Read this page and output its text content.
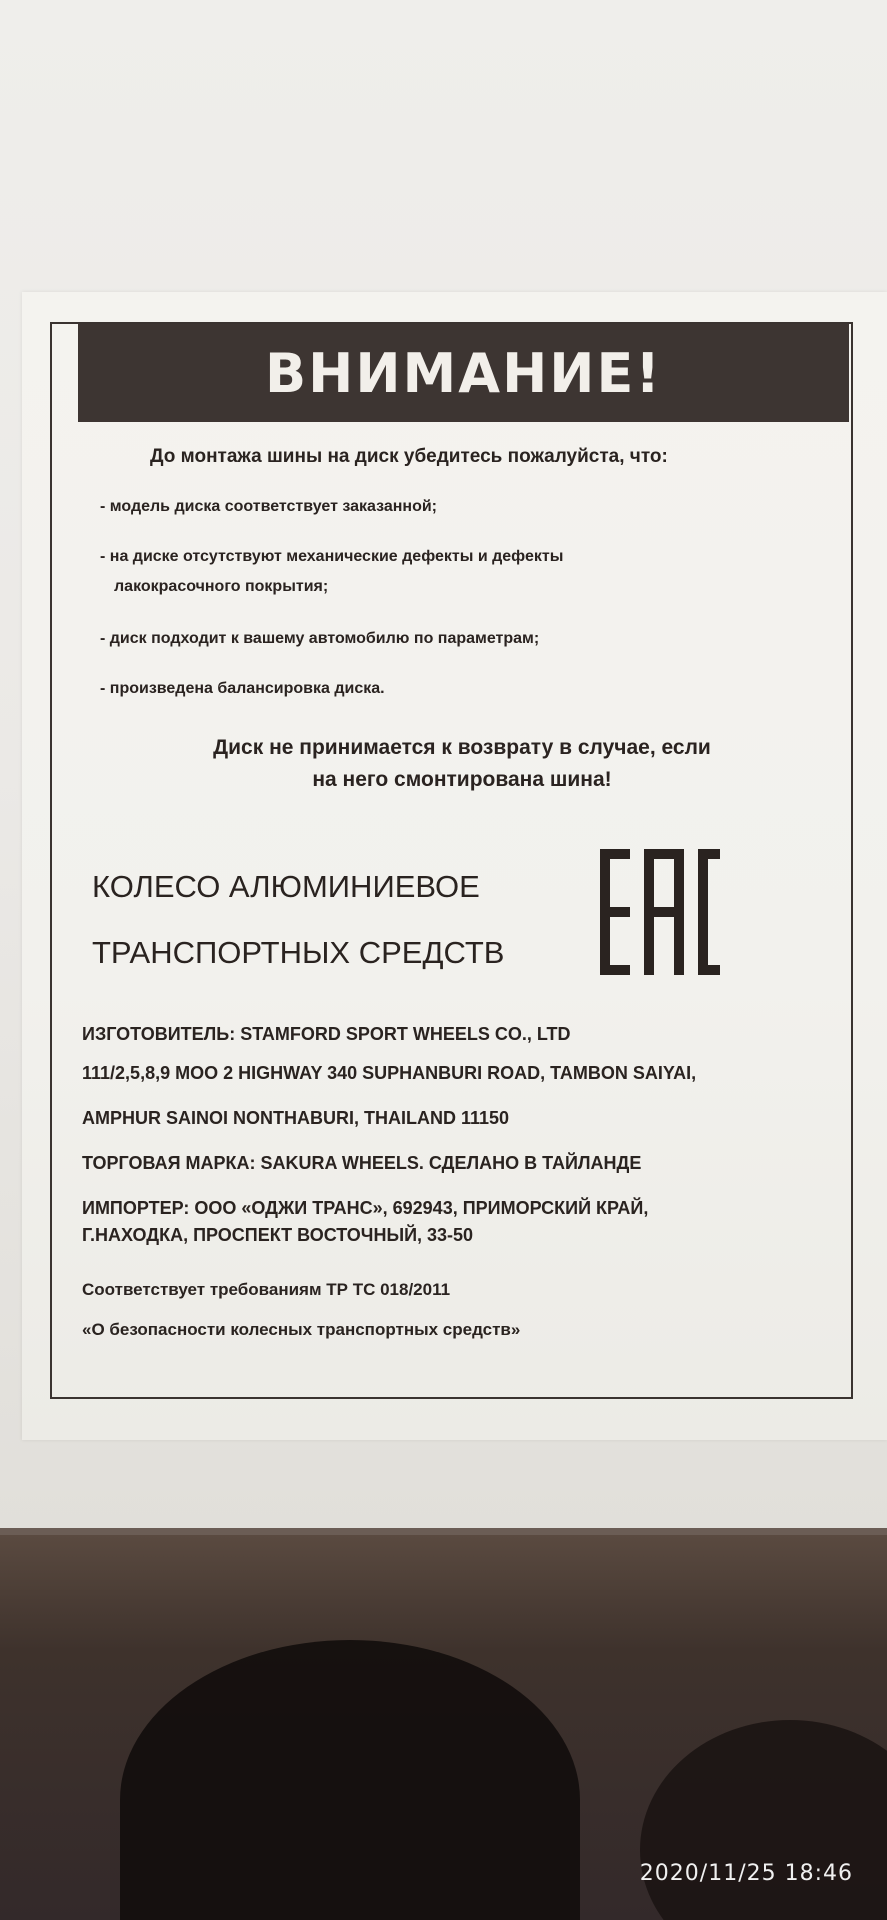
ВНИМАНИЕ!
До монтажа шины на диск убедитесь пожалуйста, что:
- модель диска соответствует заказанной;
- на диске отсутствуют механические дефекты и дефекты
лакокрасочного покрытия;
- диск подходит к вашему автомобилю по параметрам;
- произведена балансировка диска.
Диск не принимается к возврату в случае, если
на него смонтирована шина!
КОЛЕСО АЛЮМИНИЕВОЕ
ТРАНСПОРТНЫХ СРЕДСТВ
ИЗГОТОВИТЕЛЬ: STAMFORD SPORT WHEELS CO., LTD
111/2,5,8,9 MOO 2 HIGHWAY 340 SUPHANBURI ROAD, TAMBON SAIYAI,
AMPHUR SAINOI NONTHABURI, THAILAND 11150
ТОРГОВАЯ МАРКА: SAKURA WHEELS. СДЕЛАНО В ТАЙЛАНДЕ
ИМПОРТЕР: ООО «ОДЖИ ТРАНС», 692943, ПРИМОРСКИЙ КРАЙ,
Г.НАХОДКА, ПРОСПЕКТ ВОСТОЧНЫЙ, 33-50
Соответствует требованиям ТР ТС 018/2011
«О безопасности колесных транспортных средств»
2020/11/25 18:46
